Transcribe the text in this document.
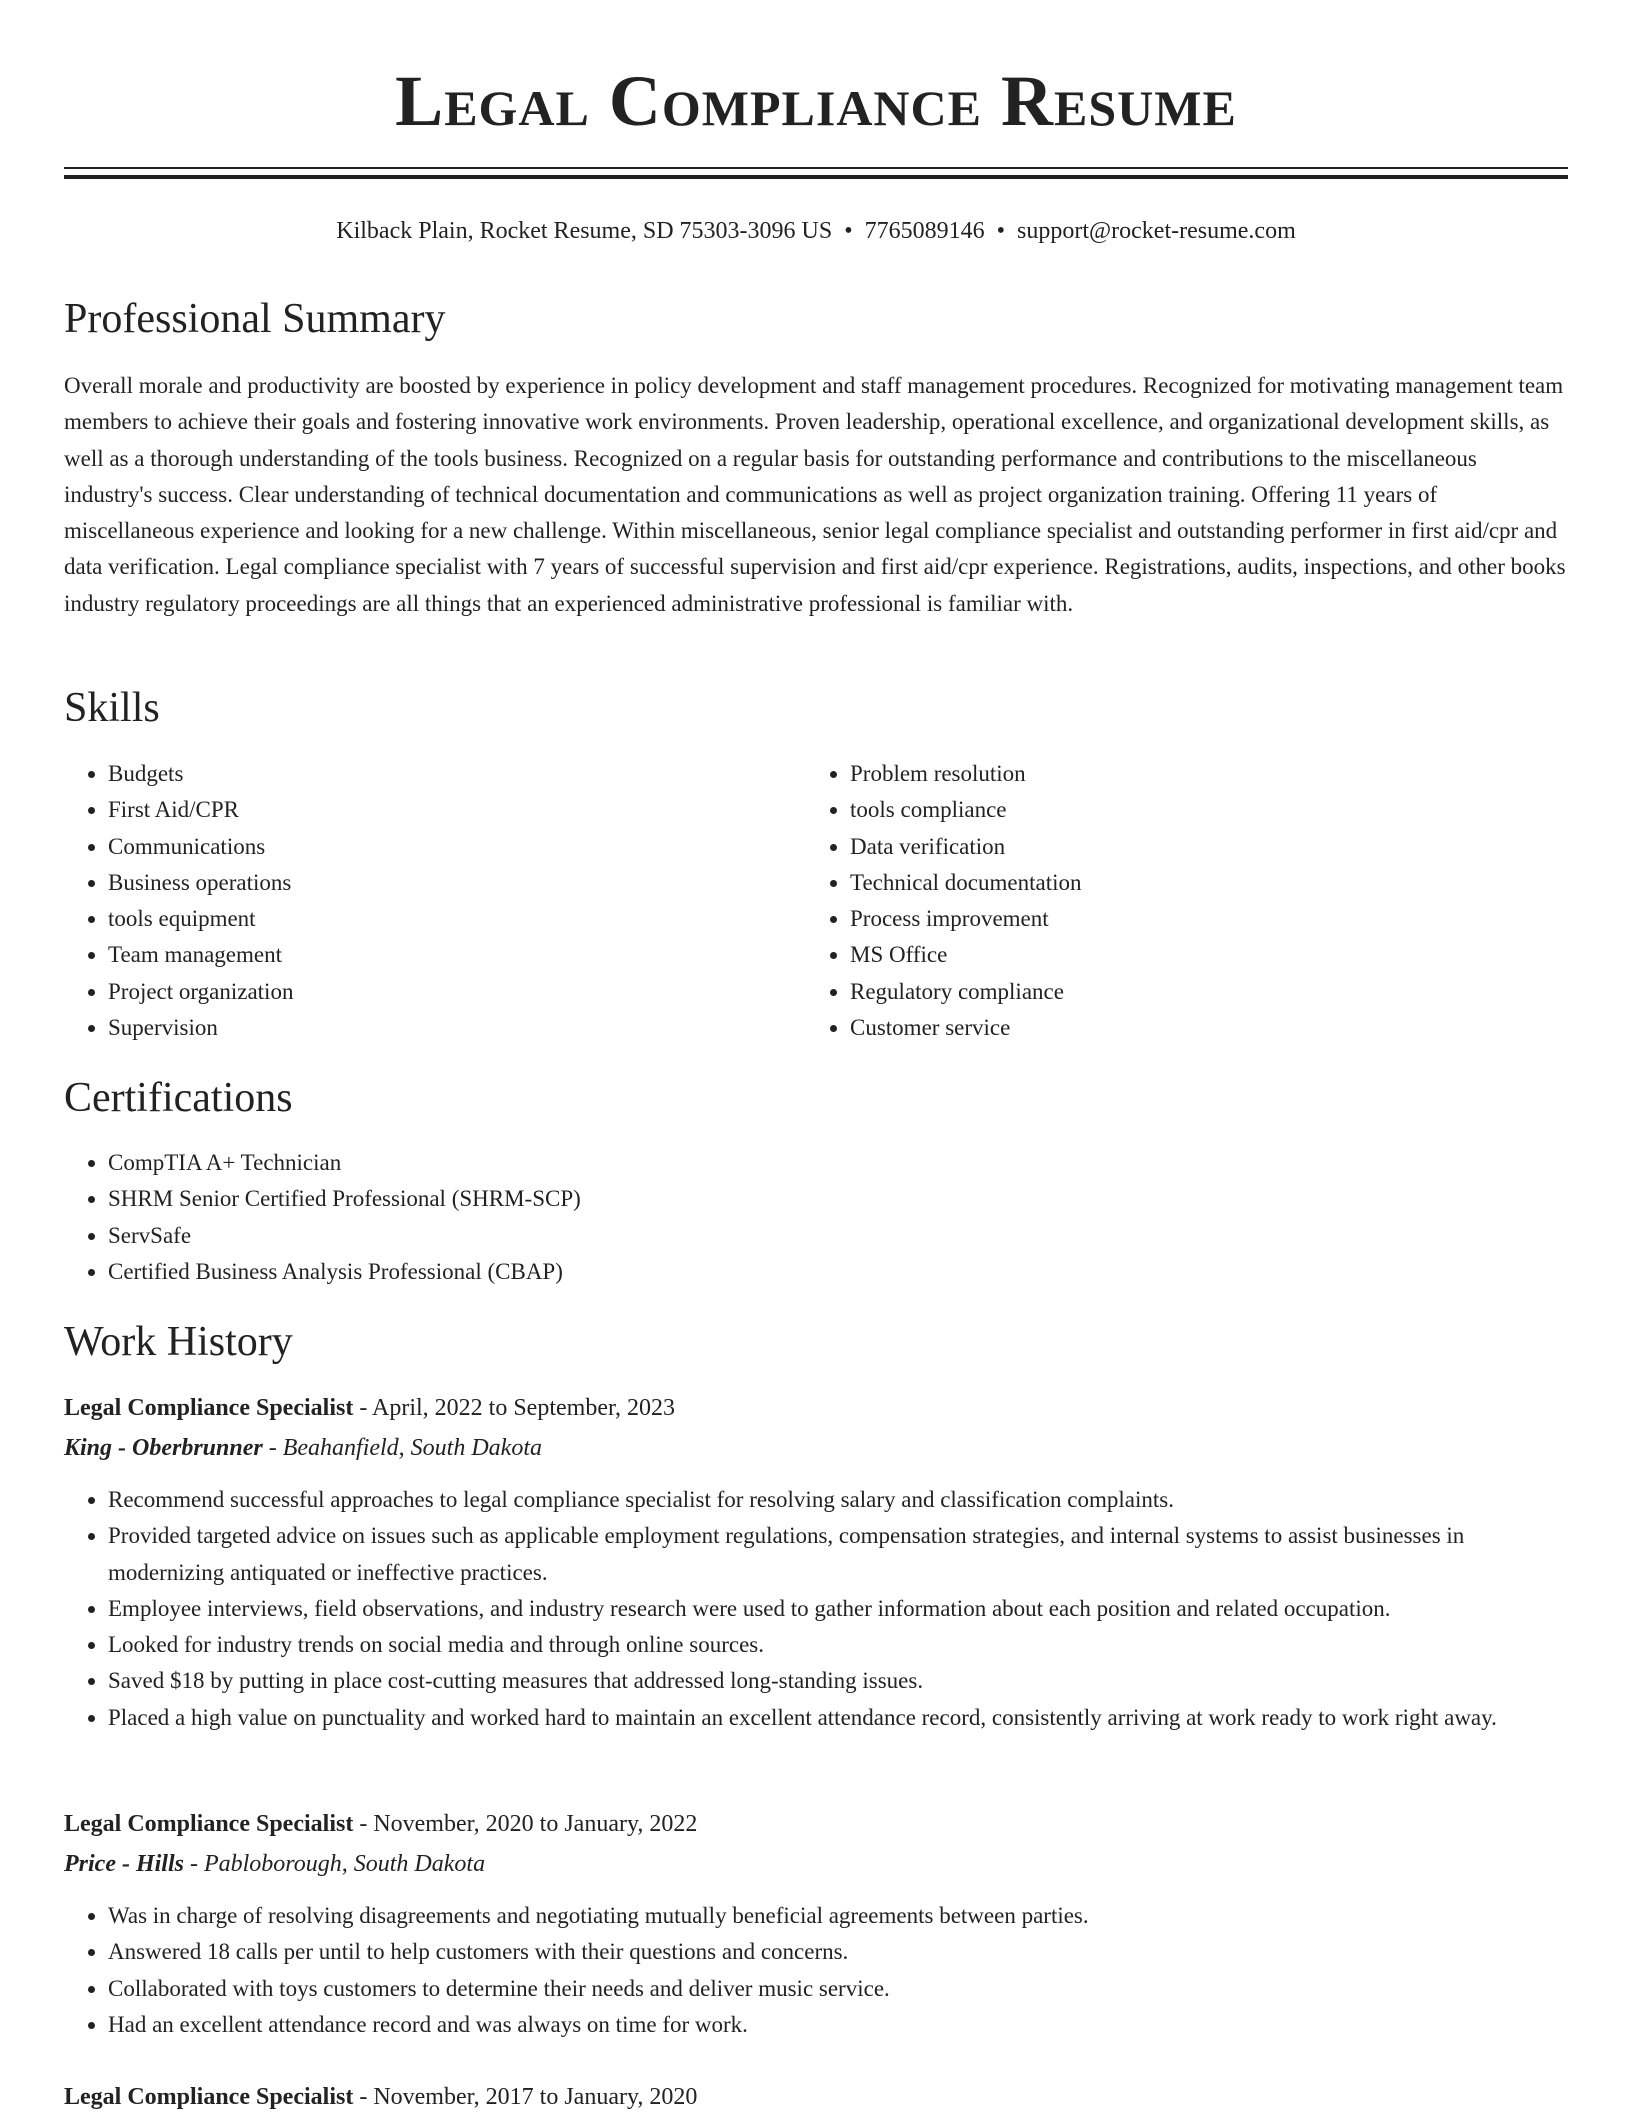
Legal Compliance Resume
Kilback Plain, Rocket Resume, SD 75303-3096 US • 7765089146 • support@rocket-resume.com
Professional Summary

Overall morale and productivity are boosted by experience in policy development and staff management procedures. Recognized for motivating management team members to achieve their goals and fostering innovative work environments. Proven leadership, operational excellence, and organizational development skills, as well as a thorough understanding of the tools business. Recognized on a regular basis for outstanding performance and contributions to the miscellaneous industry's success. Clear understanding of technical documentation and communications as well as project organization training. Offering 11 years of miscellaneous experience and looking for a new challenge. Within miscellaneous, senior legal compliance specialist and outstanding performer in first aid/cpr and data verification. Legal compliance specialist with 7 years of successful supervision and first aid/cpr experience. Registrations, audits, inspections, and other books industry regulatory proceedings are all things that an experienced administrative professional is familiar with.

Skills
• Budgets
• First Aid/CPR
• Communications
• Business operations
• tools equipment
• Team management
• Project organization
• Supervision
• Problem resolution
• tools compliance
• Data verification
• Technical documentation
• Process improvement
• MS Office
• Regulatory compliance
• Customer service
Certifications
• CompTIA A+ Technician
• SHRM Senior Certified Professional (SHRM-SCP)
• ServSafe
• Certified Business Analysis Professional (CBAP)
Work History
Legal Compliance Specialist - April, 2022 to September, 2023
King - Oberbrunner - Beahanfield, South Dakota
• Recommend successful approaches to legal compliance specialist for resolving salary and classification complaints.
• Provided targeted advice on issues such as applicable employment regulations, compensation strategies, and internal systems to assist businesses in modernizing antiquated or ineffective practices.
• Employee interviews, field observations, and industry research were used to gather information about each position and related occupation.
• Looked for industry trends on social media and through online sources.
• Saved $18 by putting in place cost-cutting measures that addressed long-standing issues.
• Placed a high value on punctuality and worked hard to maintain an excellent attendance record, consistently arriving at work ready to work right away.
Legal Compliance Specialist - November, 2020 to January, 2022
Price - Hills - Pabloborough, South Dakota
• Was in charge of resolving disagreements and negotiating mutually beneficial agreements between parties.
• Answered 18 calls per until to help customers with their questions and concerns.
• Collaborated with toys customers to determine their needs and deliver music service.
• Had an excellent attendance record and was always on time for work.
Legal Compliance Specialist - November, 2017 to January, 2020
